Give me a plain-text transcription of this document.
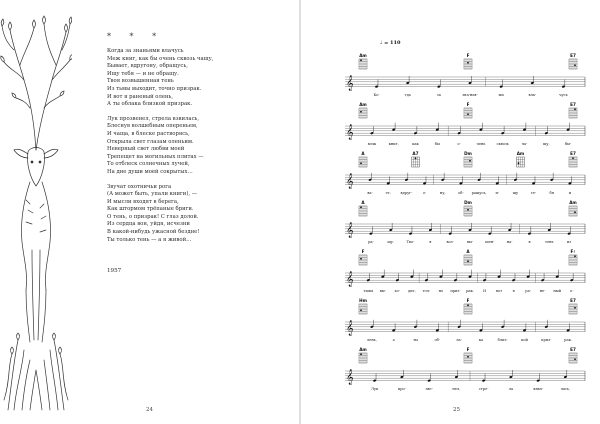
* * *
Когда за знаньями влачусь
Меж книг, как бы очень сквозь чащу,
Бывает, вдругону, обращусь,
Ищу тебя — и не обращу.
Твоя возвышенная тень
Из тьмы выходит, точно призрак.
И вот я раненый олень,
А ты облака близкой призрак.
Лук прозвенел, стрела взвилась,
Блеснув волшебным опереньем,
И чаща, в блеске растворясь,
Открыла свет глазам оленьим.
Неверный свет любви моей
Трепещет на могильных плитах —
То отблеск солнечных лучей,
На дне души моей сокрытых…
Звучат охотничьи рога
(А может быть, упали книги), —
И мысли входят в берега,
Как штормом трёпаные бриги.
О тень, о призрак! С глаз долой.
Из сердца вон, уйдя, исчезни
В какой-нибудь ужасной бездне!
Ты только тень — а я живой…
1957
24
♩ = 110
Am	F	E7
𝄞
Ко-	гда	за	зна-нья-	ми	вла-	чусь
Am	F	E7
𝄞
меж	книг,	как	бы	о-	чень	сквозь	ча-	щу,	бы-
A	A7	Dm	Am	E7
𝄞
ва-	ет,	вдруг-	о-	ну,	об- ращусь, и-	щу	те-	бя	и
A	Dm	Am
𝄞
ра-	щу.	Тво-	я	воз-	вы-	шен-	на-	я	тень	из
F	A	F♯
𝄞
тьмы вы- хо- дит, точ- но приз- рак.	И	вот	я	ра- не- ный	о-
Hm	F	E7
𝄞
лень,	а	ты	об-	ла-	ка	близ-	кой	приз-	рак.
Am	F	E7
𝄞
Лук	про-	зве-	нел,	стре-	ла	взви-	лась,
25
